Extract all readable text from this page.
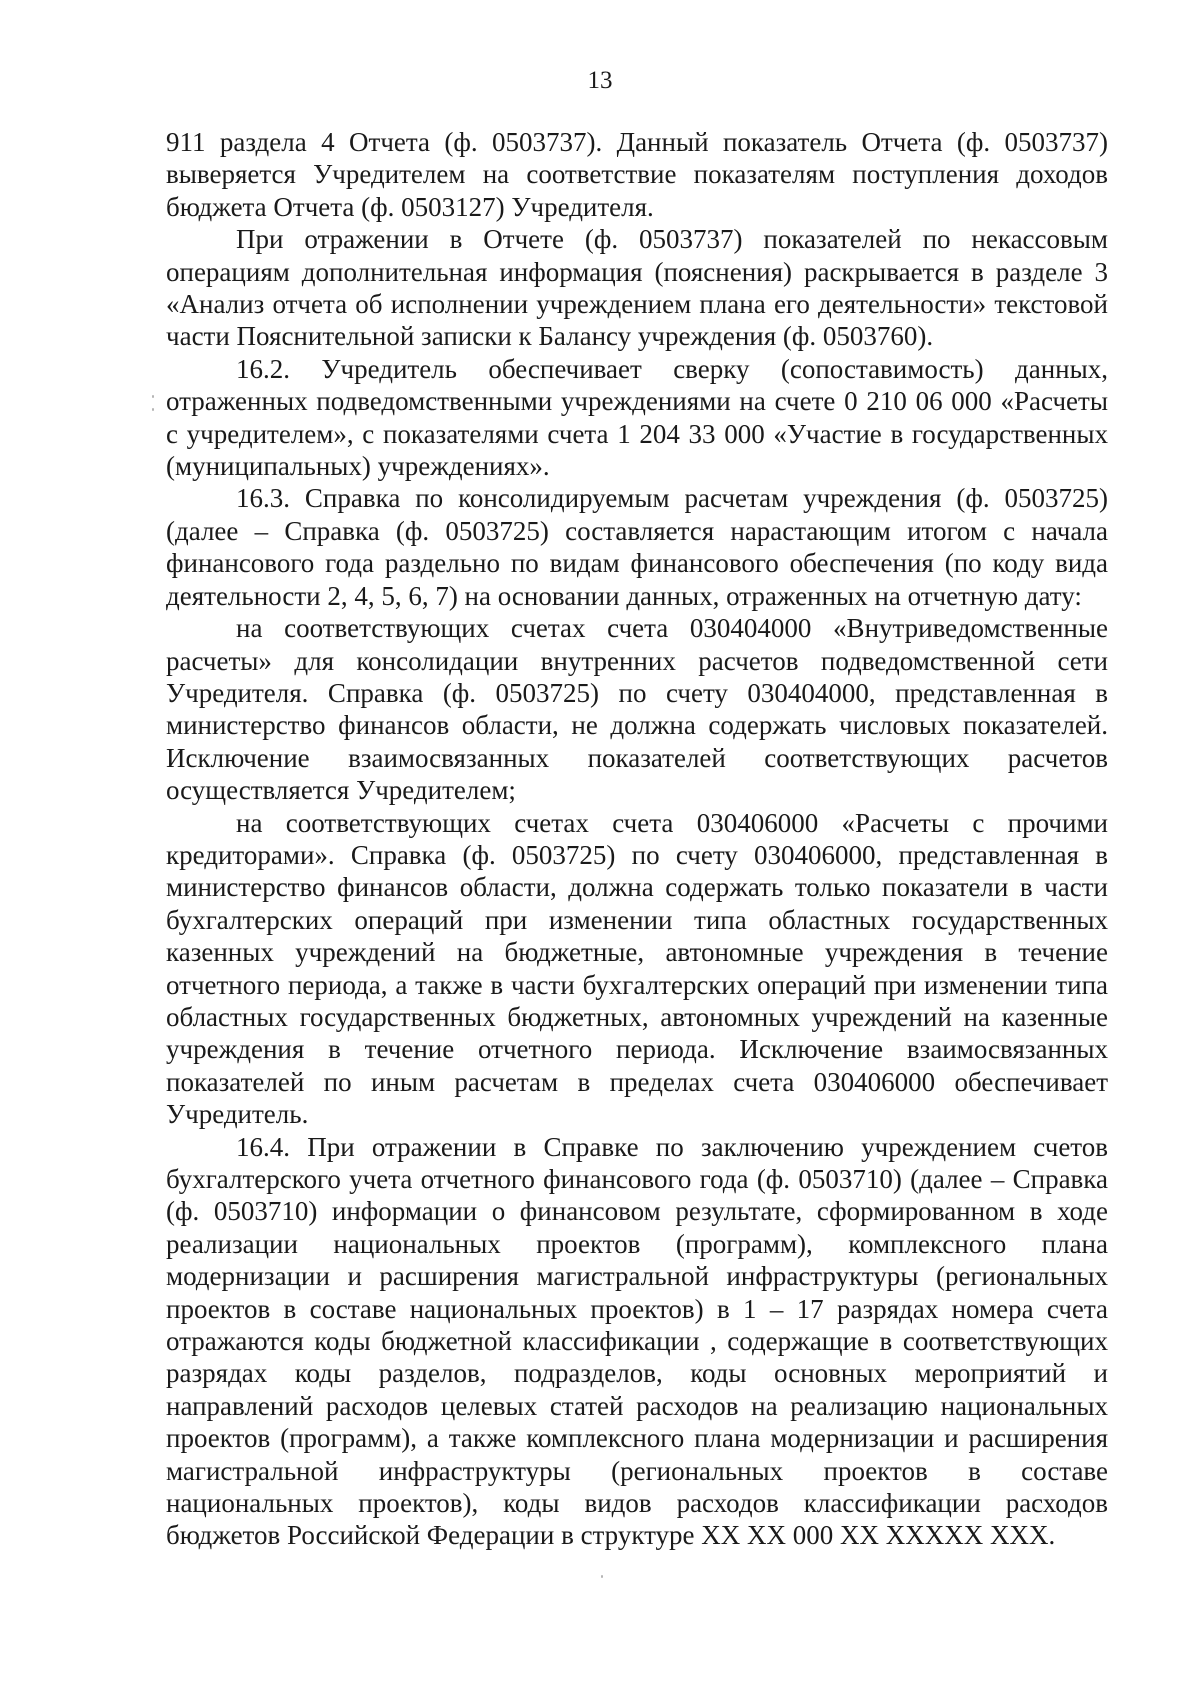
13

911 раздела 4 Отчета (ф. 0503737). Данный показатель Отчета (ф. 0503737) выверяется Учредителем на соответствие показателям поступления доходов бюджета Отчета (ф. 0503127) Учредителя.

При отражении в Отчете (ф. 0503737) показателей по некассовым операциям дополнительная информация (пояснения) раскрывается в разделе 3 «Анализ отчета об исполнении учреждением плана его деятельности» текстовой части Пояснительной записки к Балансу учреждения (ф. 0503760).

16.2. Учредитель обеспечивает сверку (сопоставимость) данных, отраженных подведомственными учреждениями на счете 0 210 06 000 «Расчеты с учредителем», с показателями счета 1 204 33 000 «Участие в государственных (муниципальных) учреждениях».

16.3. Справка по консолидируемым расчетам учреждения (ф. 0503725) (далее – Справка (ф. 0503725) составляется нарастающим итогом с начала финансового года раздельно по видам финансового обеспечения (по коду вида деятельности 2, 4, 5, 6, 7) на основании данных, отраженных на отчетную дату:

на соответствующих счетах счета 030404000 «Внутриведомственные расчеты» для консолидации внутренних расчетов подведомственной сети Учредителя. Справка (ф. 0503725) по счету 030404000, представленная в министерство финансов области, не должна содержать числовых показателей. Исключение взаимосвязанных показателей соответствующих расчетов осуществляется Учредителем;

на соответствующих счетах счета 030406000 «Расчеты с прочими кредиторами». Справка (ф. 0503725) по счету 030406000, представленная в министерство финансов области, должна содержать только показатели в части бухгалтерских операций при изменении типа областных государственных казенных учреждений на бюджетные, автономные учреждения в течение отчетного периода, а также в части бухгалтерских операций при изменении типа областных государственных бюджетных, автономных учреждений на казенные учреждения в течение отчетного периода. Исключение взаимосвязанных показателей по иным расчетам в пределах счета 030406000 обеспечивает Учредитель.

16.4. При отражении в Справке по заключению учреждением счетов бухгалтерского учета отчетного финансового года (ф. 0503710) (далее – Справка (ф. 0503710) информации о финансовом результате, сформированном в ходе реализации национальных проектов (программ), комплексного плана модернизации и расширения магистральной инфраструктуры (региональных проектов в составе национальных проектов) в 1 – 17 разрядах номера счета отражаются коды бюджетной классификации , содержащие в соответствующих разрядах коды разделов, подразделов, коды основных мероприятий и направлений расходов целевых статей расходов на реализацию национальных проектов (программ), а также комплексного плана модернизации и расширения магистральной инфраструктуры (региональных проектов в составе национальных проектов), коды видов расходов классификации расходов бюджетов Российской Федерации в структуре ХХ ХХ 000 ХХ ХХХХХ ХХХ.
